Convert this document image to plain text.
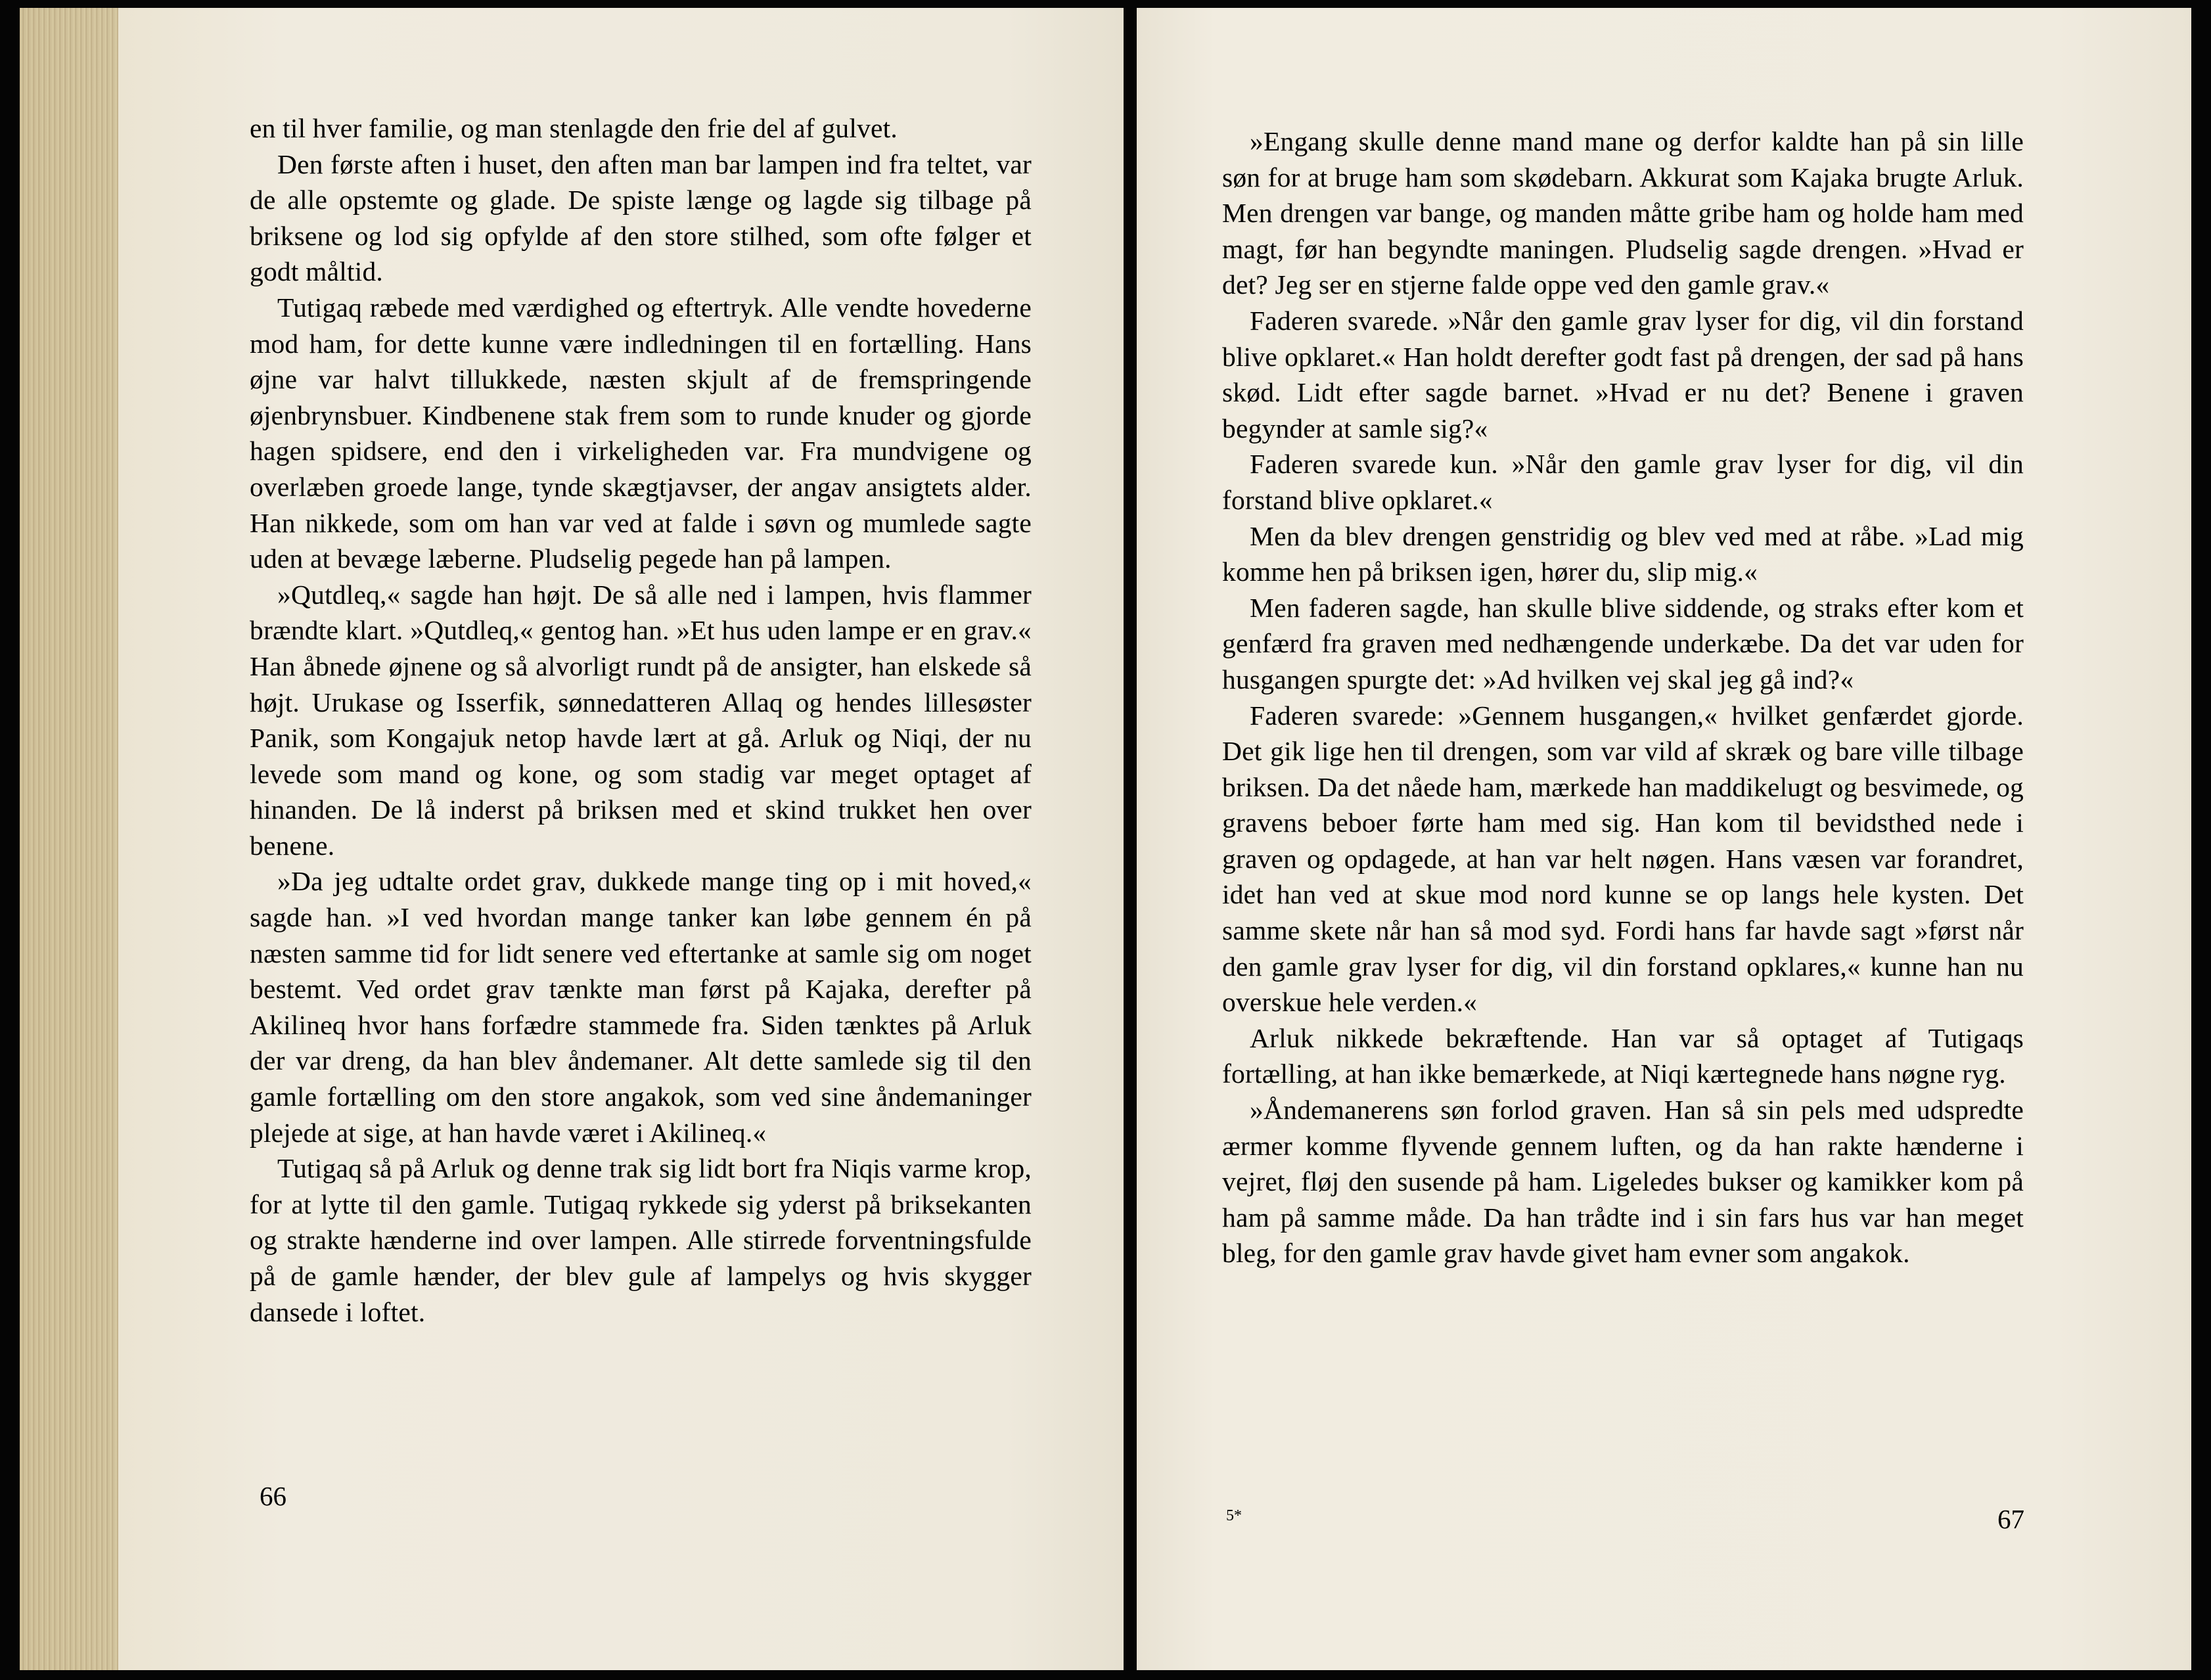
en til hver familie, og man stenlagde den frie del af gulvet.

Den første aften i huset, den aften man bar lampen ind fra teltet, var de alle opstemte og glade. De spiste længe og lagde sig tilbage på briksene og lod sig opfylde af den store stilhed, som ofte følger et godt måltid.

Tutigaq ræbede med værdighed og eftertryk. Alle vendte hovederne mod ham, for dette kunne være indledningen til en fortælling. Hans øjne var halvt tillukkede, næsten skjult af de fremspringende øjenbrynsbuer. Kindbenene stak frem som to runde knuder og gjorde hagen spidsere, end den i virkeligheden var. Fra mundvigene og overlæben groede lange, tynde skægtjavser, der angav ansigtets alder. Han nikkede, som om han var ved at falde i søvn og mumlede sagte uden at bevæge læberne. Pludselig pegede han på lampen.

»Qutdleq,« sagde han højt. De så alle ned i lampen, hvis flammer brændte klart. »Qutdleq,« gentog han. »Et hus uden lampe er en grav.« Han åbnede øjnene og så alvorligt rundt på de ansigter, han elskede så højt. Urukase og Isserfik, sønnedatteren Allaq og hendes lillesøster Panik, som Kongajuk netop havde lært at gå. Arluk og Niqi, der nu levede som mand og kone, og som stadig var meget optaget af hinanden. De lå inderst på briksen med et skind trukket hen over benene.

»Da jeg udtalte ordet grav, dukkede mange ting op i mit hoved,« sagde han. »I ved hvordan mange tanker kan løbe gennem én på næsten samme tid for lidt senere ved eftertanke at samle sig om noget bestemt. Ved ordet grav tænkte man først på Kajaka, derefter på Akilineq hvor hans forfædre stammede fra. Siden tænktes på Arluk der var dreng, da han blev åndemaner. Alt dette samlede sig til den gamle fortælling om den store angakok, som ved sine åndemaninger plejede at sige, at han havde været i Akilineq.«

Tutigaq så på Arluk og denne trak sig lidt bort fra Niqis varme krop, for at lytte til den gamle. Tutigaq rykkede sig yderst på briksekanten og strakte hænderne ind over lampen. Alle stirrede forventningsfulde på de gamle hænder, der blev gule af lampelys og hvis skygger dansede i loftet.

66

»Engang skulle denne mand mane og derfor kaldte han på sin lille søn for at bruge ham som skødebarn. Akkurat som Kajaka brugte Arluk. Men drengen var bange, og manden måtte gribe ham og holde ham med magt, før han begyndte maningen. Pludselig sagde drengen. »Hvad er det? Jeg ser en stjerne falde oppe ved den gamle grav.«

Faderen svarede. »Når den gamle grav lyser for dig, vil din forstand blive opklaret.« Han holdt derefter godt fast på drengen, der sad på hans skød. Lidt efter sagde barnet. »Hvad er nu det? Benene i graven begynder at samle sig?«

Faderen svarede kun. »Når den gamle grav lyser for dig, vil din forstand blive opklaret.«

Men da blev drengen genstridig og blev ved med at råbe. »Lad mig komme hen på briksen igen, hører du, slip mig.«

Men faderen sagde, han skulle blive siddende, og straks efter kom et genfærd fra graven med nedhængende underkæbe. Da det var uden for husgangen spurgte det: »Ad hvilken vej skal jeg gå ind?«

Faderen svarede: »Gennem husgangen,« hvilket genfærdet gjorde. Det gik lige hen til drengen, som var vild af skræk og bare ville tilbage briksen. Da det nåede ham, mærkede han maddikelugt og besvimede, og gravens beboer førte ham med sig. Han kom til bevidsthed nede i graven og opdagede, at han var helt nøgen. Hans væsen var forandret, idet han ved at skue mod nord kunne se op langs hele kysten. Det samme skete når han så mod syd. Fordi hans far havde sagt »først når den gamle grav lyser for dig, vil din forstand opklares,« kunne han nu overskue hele verden.«

Arluk nikkede bekræftende. Han var så optaget af Tutigaqs fortælling, at han ikke bemærkede, at Niqi kærtegnede hans nøgne ryg.

»Åndemanerens søn forlod graven. Han så sin pels med udspredte ærmer komme flyvende gennem luften, og da han rakte hænderne i vejret, fløj den susende på ham. Ligeledes bukser og kamikker kom på ham på samme måde. Da han trådte ind i sin fars hus var han meget bleg, for den gamle grav havde givet ham evner som angakok.

5*	67
